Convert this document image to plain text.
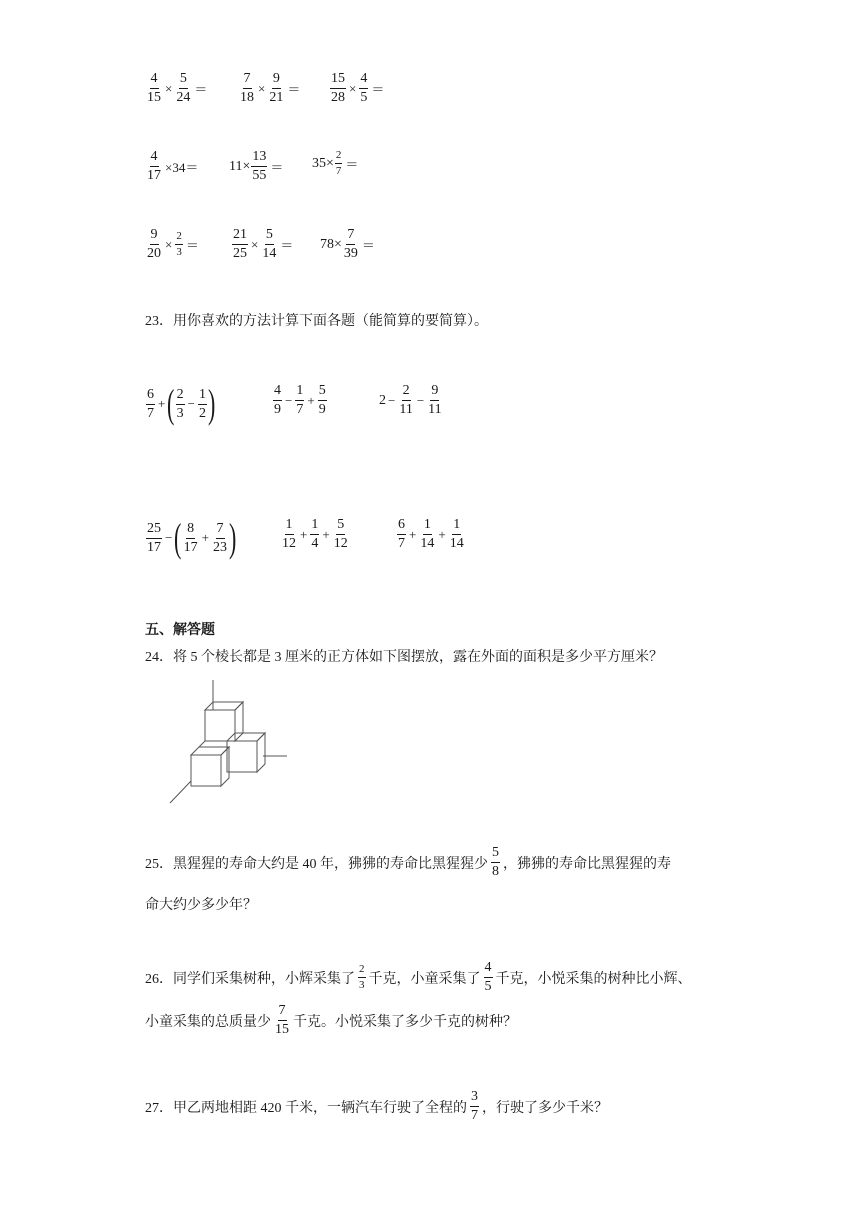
$\frac{4}{15} \times \frac{5}{24} = \frac{7}{18} \times \frac{9}{21} = \frac{15}{28} \times \frac{4}{5}$ ＝
$\frac{4}{17} \times 34= 11\times \frac{13}{55} = 35\times \frac{2}{7}$ ＝
$\frac{9}{20} \times \frac{2}{3} = \frac{21}{25} \times \frac{5}{14} = 78\times \frac{7}{39}$ ＝
23．用你喜欢的方法计算下面各题（能简算的要简算）。
$\frac{6}{7}$ + ( $\frac{2}{3} - \frac{1}{2}$ )	$\frac{4}{9} - \frac{1}{7} + \frac{5}{9}$	$2 - \frac{2}{11} - \frac{9}{11}$
$\frac{25}{17}$ − ( $\frac{8}{17} + \frac{7}{23}$ )	$\frac{1}{12} + \frac{1}{4} + \frac{5}{12}$	$\frac{6}{7} + \frac{1}{14} + \frac{1}{14}$
五、解答题
24．将 5 个棱长都是 3 厘米的正方体如下图摆放，露在外面的面积是多少平方厘米？
25．黑猩猩的寿命大约是 40 年，狒狒的寿命比黑猩猩少 $\frac{5}{8}$ ，狒狒的寿命比黑猩猩的寿
命大约少多少年？
26．同学们采集树种，小辉采集了 $\frac{2}{3}$ 千克，小童采集了 $\frac{4}{5}$ 千克，小悦采集的树种比小辉、
小童采集的总质量少 $\frac{7}{15}$ 千克。小悦采集了多少千克的树种？
27．甲乙两地相距 420 千米，一辆汽车行驶了全程的 $\frac{3}{7}$ ，行驶了多少千米？
